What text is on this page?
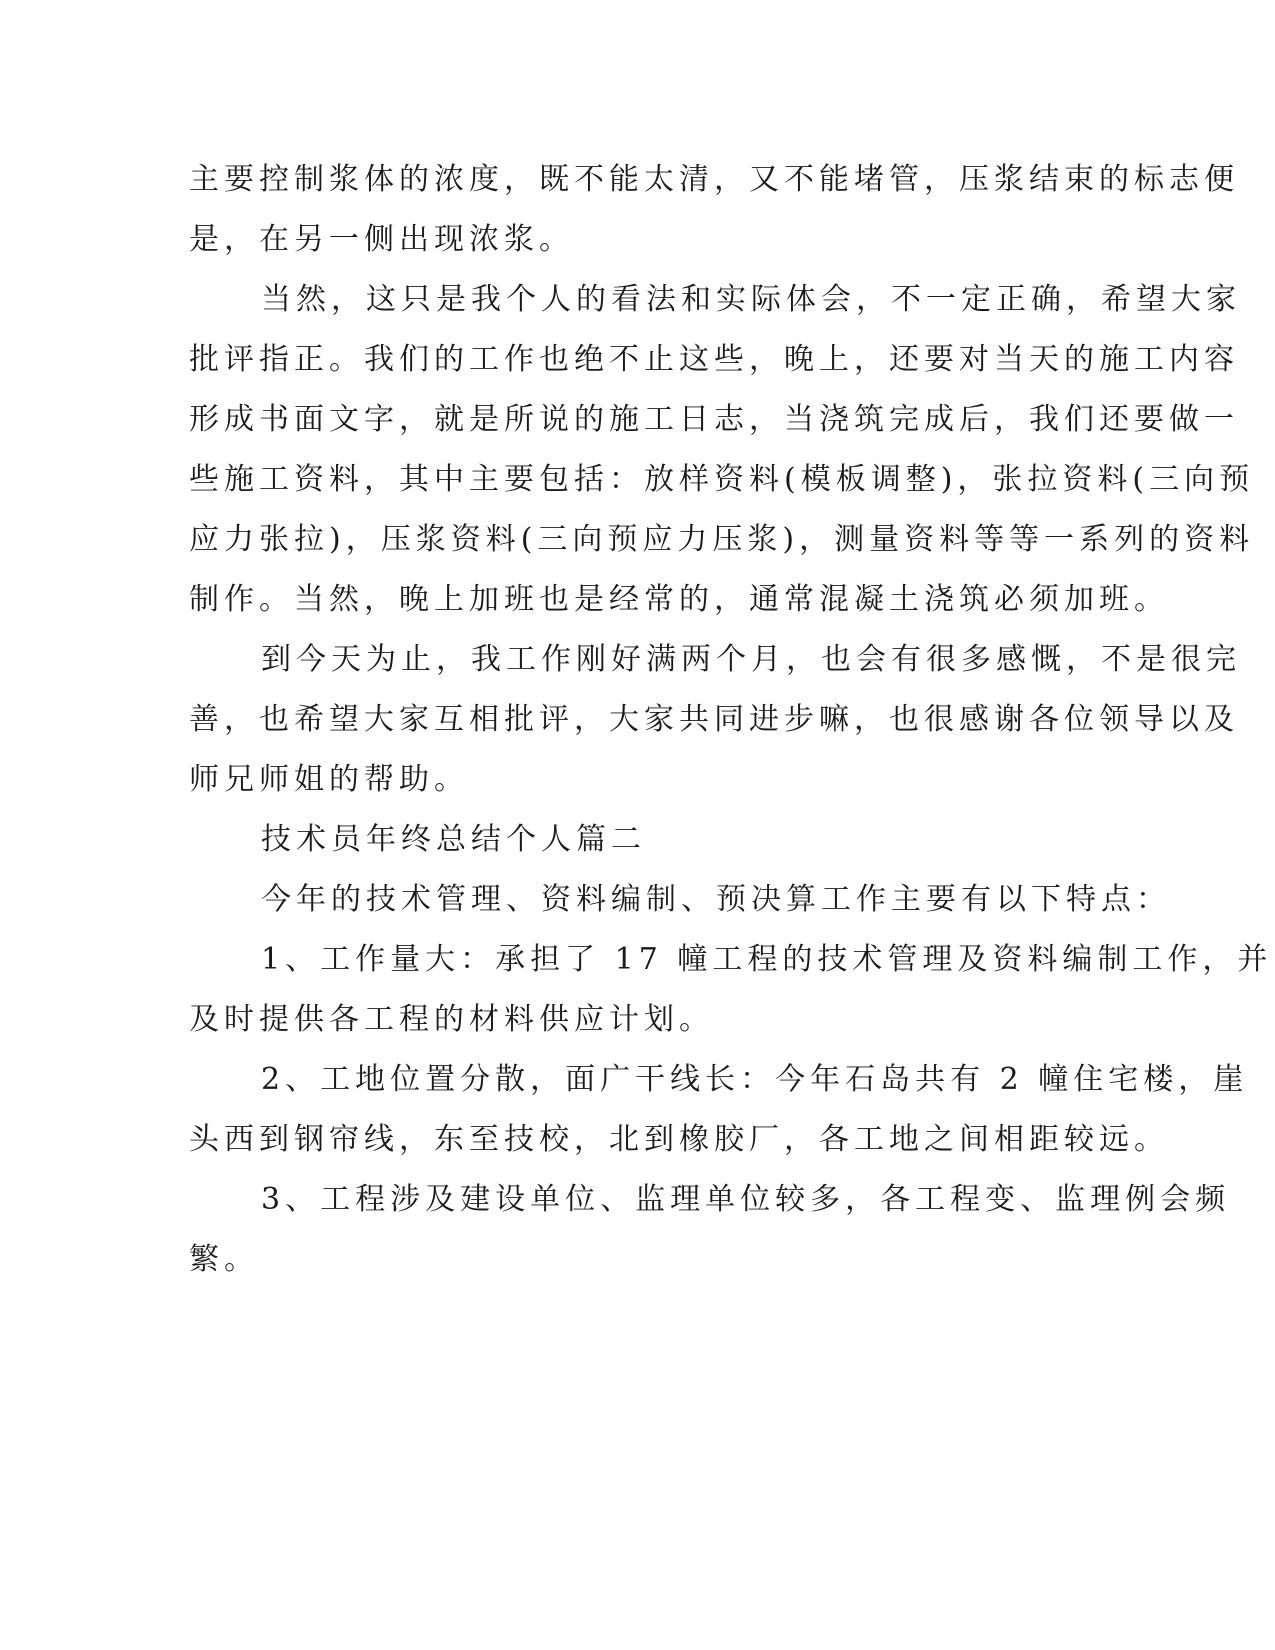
主要控制浆体的浓度，既不能太清，又不能堵管，压浆结束的标志便

是，在另一侧出现浓浆。

当然，这只是我个人的看法和实际体会，不一定正确，希望大家

批评指正。我们的工作也绝不止这些，晚上，还要对当天的施工内容

形成书面文字，就是所说的施工日志，当浇筑完成后，我们还要做一

些施工资料，其中主要包括：放样资料(模板调整)，张拉资料(三向预

应力张拉)，压浆资料(三向预应力压浆)，测量资料等等一系列的资料

制作。当然，晚上加班也是经常的，通常混凝土浇筑必须加班。

到今天为止，我工作刚好满两个月，也会有很多感慨，不是很完

善，也希望大家互相批评，大家共同进步嘛，也很感谢各位领导以及

师兄师姐的帮助。

技术员年终总结个人篇二

今年的技术管理、资料编制、预决算工作主要有以下特点：

1、工作量大：承担了 17 幢工程的技术管理及资料编制工作，并

及时提供各工程的材料供应计划。

2、工地位置分散，面广干线长：今年石岛共有 2 幢住宅楼，崖

头西到钢帘线，东至技校，北到橡胶厂，各工地之间相距较远。

3、工程涉及建设单位、监理单位较多，各工程变、监理例会频

繁。
